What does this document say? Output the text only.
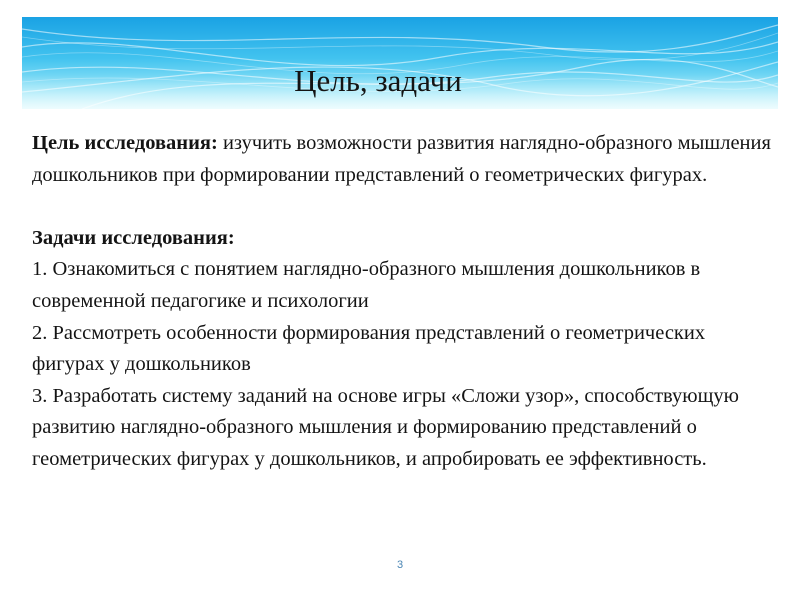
Цель, задачи

Цель исследования: изучить возможности развития наглядно-образного мышления дошкольников при формировании представлений о геометрических фигурах.

Задачи исследования:

1. Ознакомиться с понятием наглядно-образного мышления дошкольников в современной педагогике и психологии

2. Рассмотреть особенности формирования представлений о геометрических фигурах у дошкольников

3. Разработать систему заданий на основе игры «Сложи узор», способствующую развитию наглядно-образного мышления и формированию представлений о геометрических фигурах у дошкольников, и апробировать ее эффективность.

3
